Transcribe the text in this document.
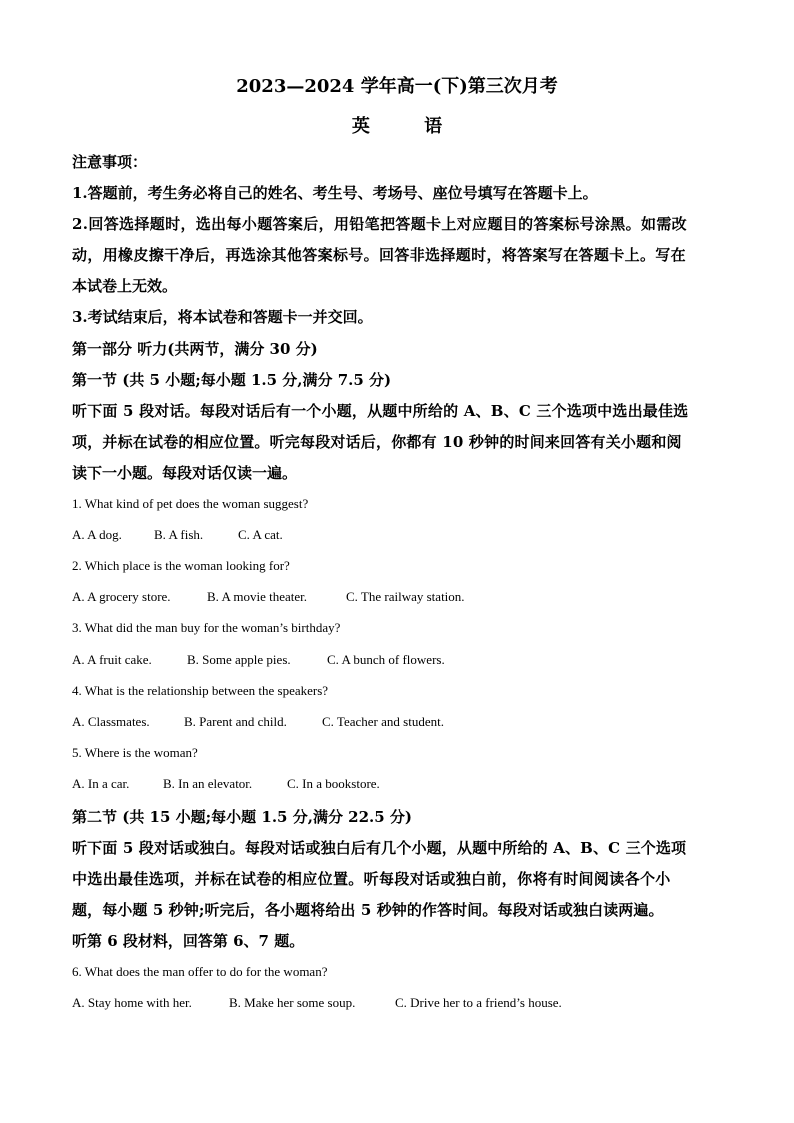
2023—2024 学年高一(下)第三次月考
英 语
注意事项：
1.答题前，考生务必将自己的姓名、考生号、考场号、座位号填写在答题卡上。
2.回答选择题时，选出每小题答案后，用铅笔把答题卡上对应题目的答案标号涂黑。如需改
动，用橡皮擦干净后，再选涂其他答案标号。回答非选择题时，将答案写在答题卡上。写在
本试卷上无效。
3.考试结束后，将本试卷和答题卡一并交回。
第一部分 听力(共两节，满分 30 分)
第一节 (共 5 小题;每小题 1.5 分,满分 7.5 分)
听下面 5 段对话。每段对话后有一个小题，从题中所给的 A、B、C 三个选项中选出最佳选
项，并标在试卷的相应位置。听完每段对话后，你都有 10 秒钟的时间来回答有关小题和阅
读下一小题。每段对话仅读一遍。
1. What kind of pet does the woman suggest?
A. A dog. B. A fish.	C. A cat.
2. Which place is the woman looking for?
A. A grocery store.	B. A movie theater.	C. The railway station.
3. What did the man buy for the woman’s birthday?
A. A fruit cake.	B. Some apple pies.	C. A bunch of flowers.
4. What is the relationship between the speakers?
A. Classmates.	B. Parent and child.	C. Teacher and student.
5. Where is the woman?
A. In a car.	B. In an elevator.	C. In a bookstore.
第二节 (共 15 小题;每小题 1.5 分,满分 22.5 分)
听下面 5 段对话或独白。每段对话或独白后有几个小题，从题中所给的 A、B、C 三个选项
中选出最佳选项，并标在试卷的相应位置。听每段对话或独白前，你将有时间阅读各个小
题，每小题 5 秒钟;听完后，各小题将给出 5 秒钟的作答时间。每段对话或独白读两遍。
听第 6 段材料，回答第 6、7 题。
6. What does the man offer to do for the woman?
A. Stay home with her.	B. Make her some soup.	C. Drive her to a friend’s house.
